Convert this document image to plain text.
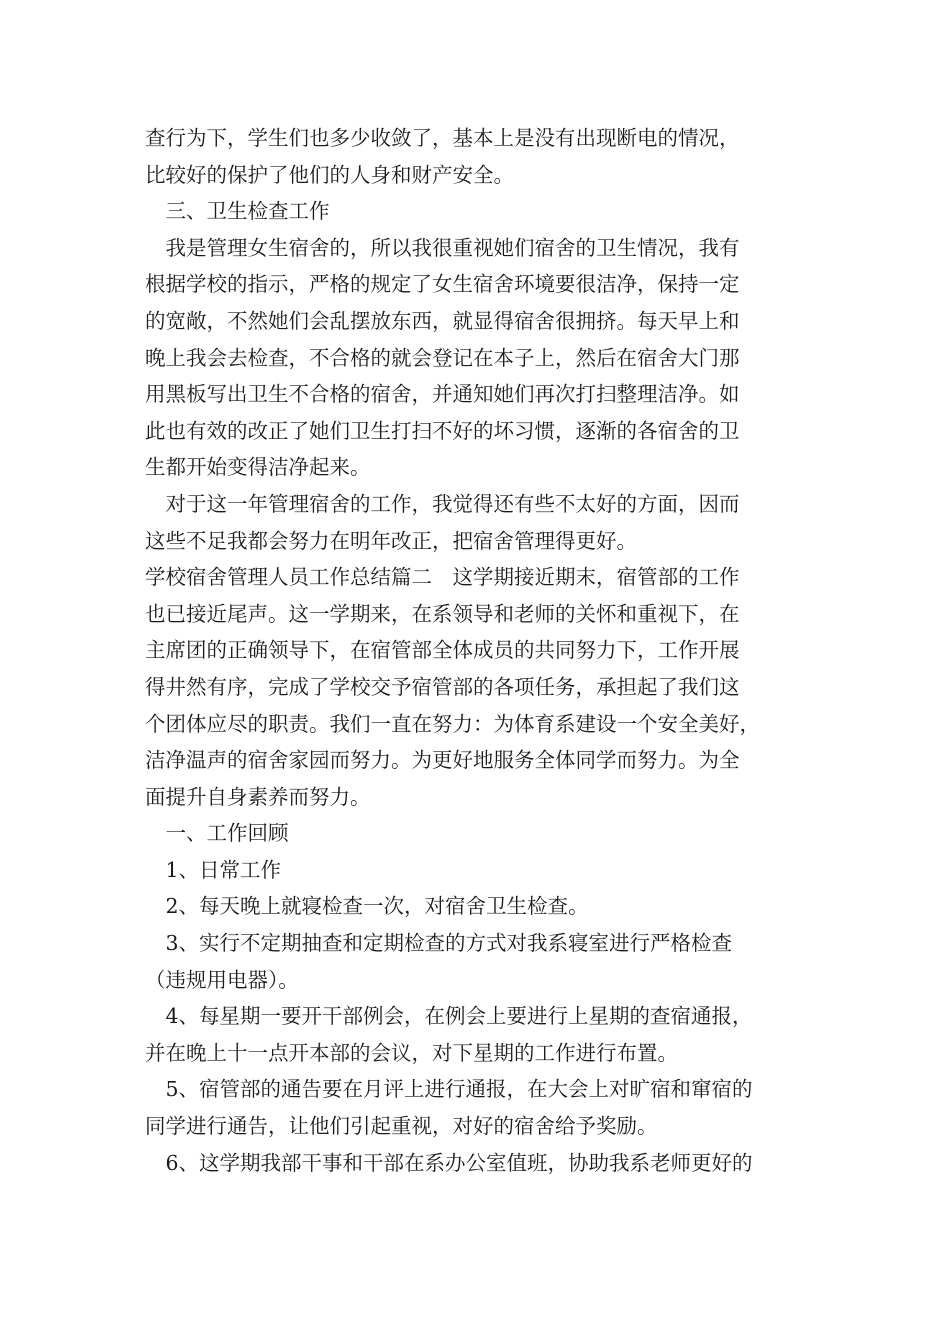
查行为下，学生们也多少收敛了，基本上是没有出现断电的情况，
比较好的保护了他们的人身和财产安全。
　三、卫生检查工作
　我是管理女生宿舍的，所以我很重视她们宿舍的卫生情况，我有
根据学校的指示，严格的规定了女生宿舍环境要很洁净，保持一定
的宽敞，不然她们会乱摆放东西，就显得宿舍很拥挤。每天早上和
晚上我会去检查，不合格的就会登记在本子上，然后在宿舍大门那
用黑板写出卫生不合格的宿舍，并通知她们再次打扫整理洁净。如
此也有效的改正了她们卫生打扫不好的坏习惯，逐渐的各宿舍的卫
生都开始变得洁净起来。
　对于这一年管理宿舍的工作，我觉得还有些不太好的方面，因而
这些不足我都会努力在明年改正，把宿舍管理得更好。
学校宿舍管理人员工作总结篇二　这学期接近期末，宿管部的工作
也已接近尾声。这一学期来，在系领导和老师的关怀和重视下，在
主席团的正确领导下，在宿管部全体成员的共同努力下，工作开展
得井然有序，完成了学校交予宿管部的各项任务，承担起了我们这
个团体应尽的职责。我们一直在努力：为体育系建设一个安全美好，
洁净温声的宿舍家园而努力。为更好地服务全体同学而努力。为全
面提升自身素养而努力。
　一、工作回顾
　1、日常工作
　2、每天晚上就寝检查一次，对宿舍卫生检查。
　3、实行不定期抽查和定期检查的方式对我系寝室进行严格检查
（违规用电器）。
　4、每星期一要开干部例会，在例会上要进行上星期的查宿通报，
并在晚上十一点开本部的会议，对下星期的工作进行布置。
　5、宿管部的通告要在月评上进行通报，在大会上对旷宿和窜宿的
同学进行通告，让他们引起重视，对好的宿舍给予奖励。
　6、这学期我部干事和干部在系办公室值班，协助我系老师更好的
